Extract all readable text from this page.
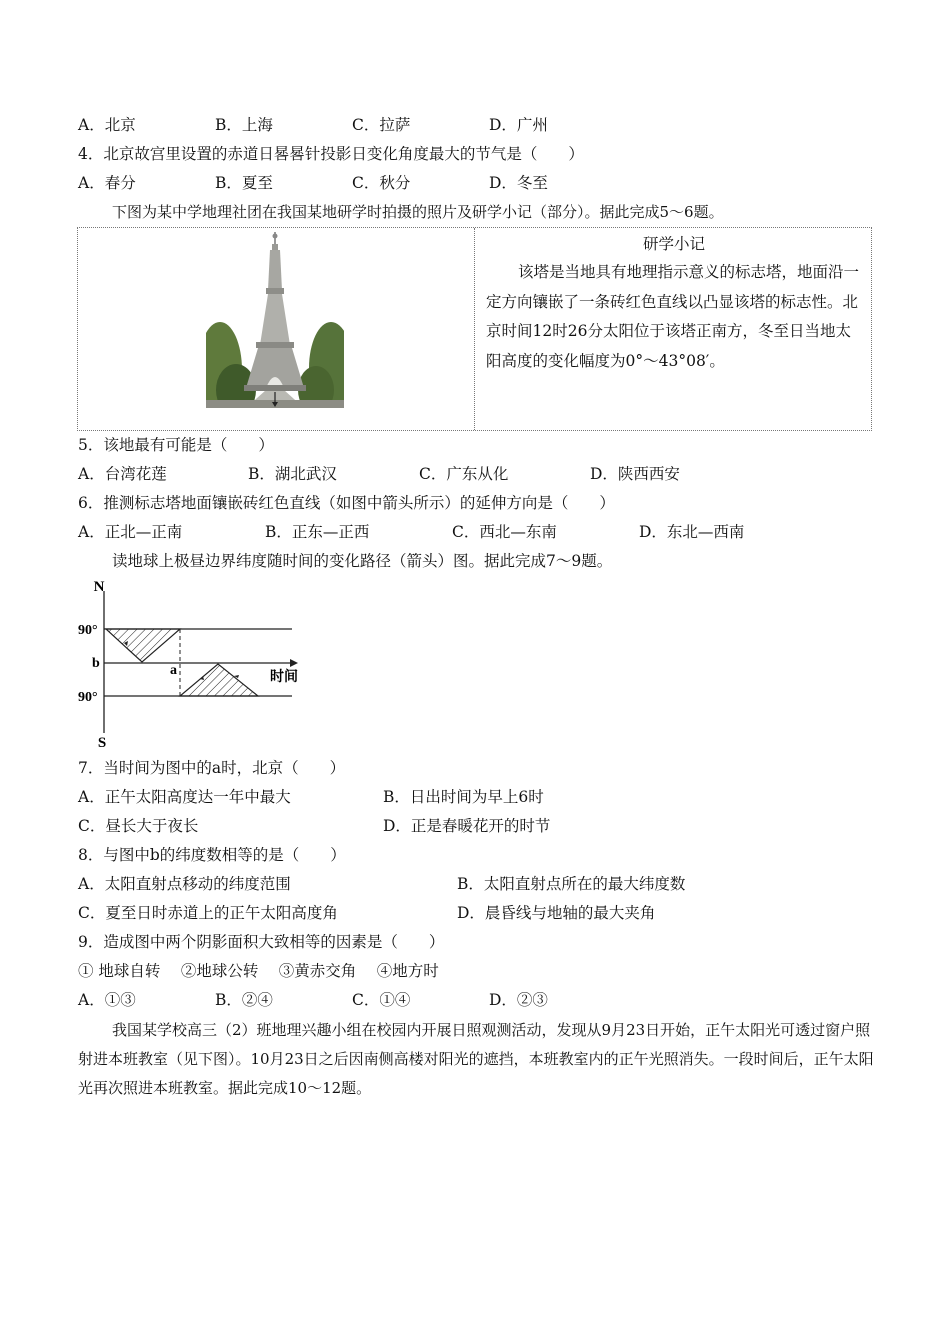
A．北京	B．上海	C．拉萨	D．广州
4．北京故宫里设置的赤道日晷晷针投影日变化角度最大的节气是（　　）
A．春分	B．夏至	C．秋分	D．冬至
下图为某中学地理社团在我国某地研学时拍摄的照片及研学小记（部分）。据此完成5～6题。
研学小记
该塔是当地具有地理指示意义的标志塔，地面沿一定方向镶嵌了一条砖红色直线以凸显该塔的标志性。北京时间12时26分太阳位于该塔正南方，冬至日当地太阳高度的变化幅度为0°～43°08′。
5．该地最有可能是（　　）
A．台湾花莲	B．湖北武汉	C．广东从化	D．陕西西安
6．推测标志塔地面镶嵌砖红色直线（如图中箭头所示）的延伸方向是（　　）
A．正北—正南	B．正东—正西	C．西北—东南	D．东北—西南
读地球上极昼边界纬度随时间的变化路径（箭头）图。据此完成7～9题。
N
S
90°
b
90°
a	时间
7．当时间为图中的a时，北京（　　）
A．正午太阳高度达一年中最大	B．日出时间为早上6时
C．昼长大于夜长	D．正是春暖花开的时节
8．与图中b的纬度数相等的是（　　）
A．太阳直射点移动的纬度范围	B．太阳直射点所在的最大纬度数
C．夏至日时赤道上的正午太阳高度角	D．晨昏线与地轴的最大夹角
9．造成图中两个阴影面积大致相等的因素是（　　）
① 地球自转　 ②地球公转　 ③黄赤交角　 ④地方时
A．①③	B．②④	C．①④	D．②③
我国某学校高三（2）班地理兴趣小组在校园内开展日照观测活动，发现从9月23日开始，正午太阳光可透过窗户照射进本班教室（见下图）。10月23日之后因南侧高楼对阳光的遮挡，本班教室内的正午光照消失。一段时间后，正午太阳光再次照进本班教室。据此完成10～12题。
